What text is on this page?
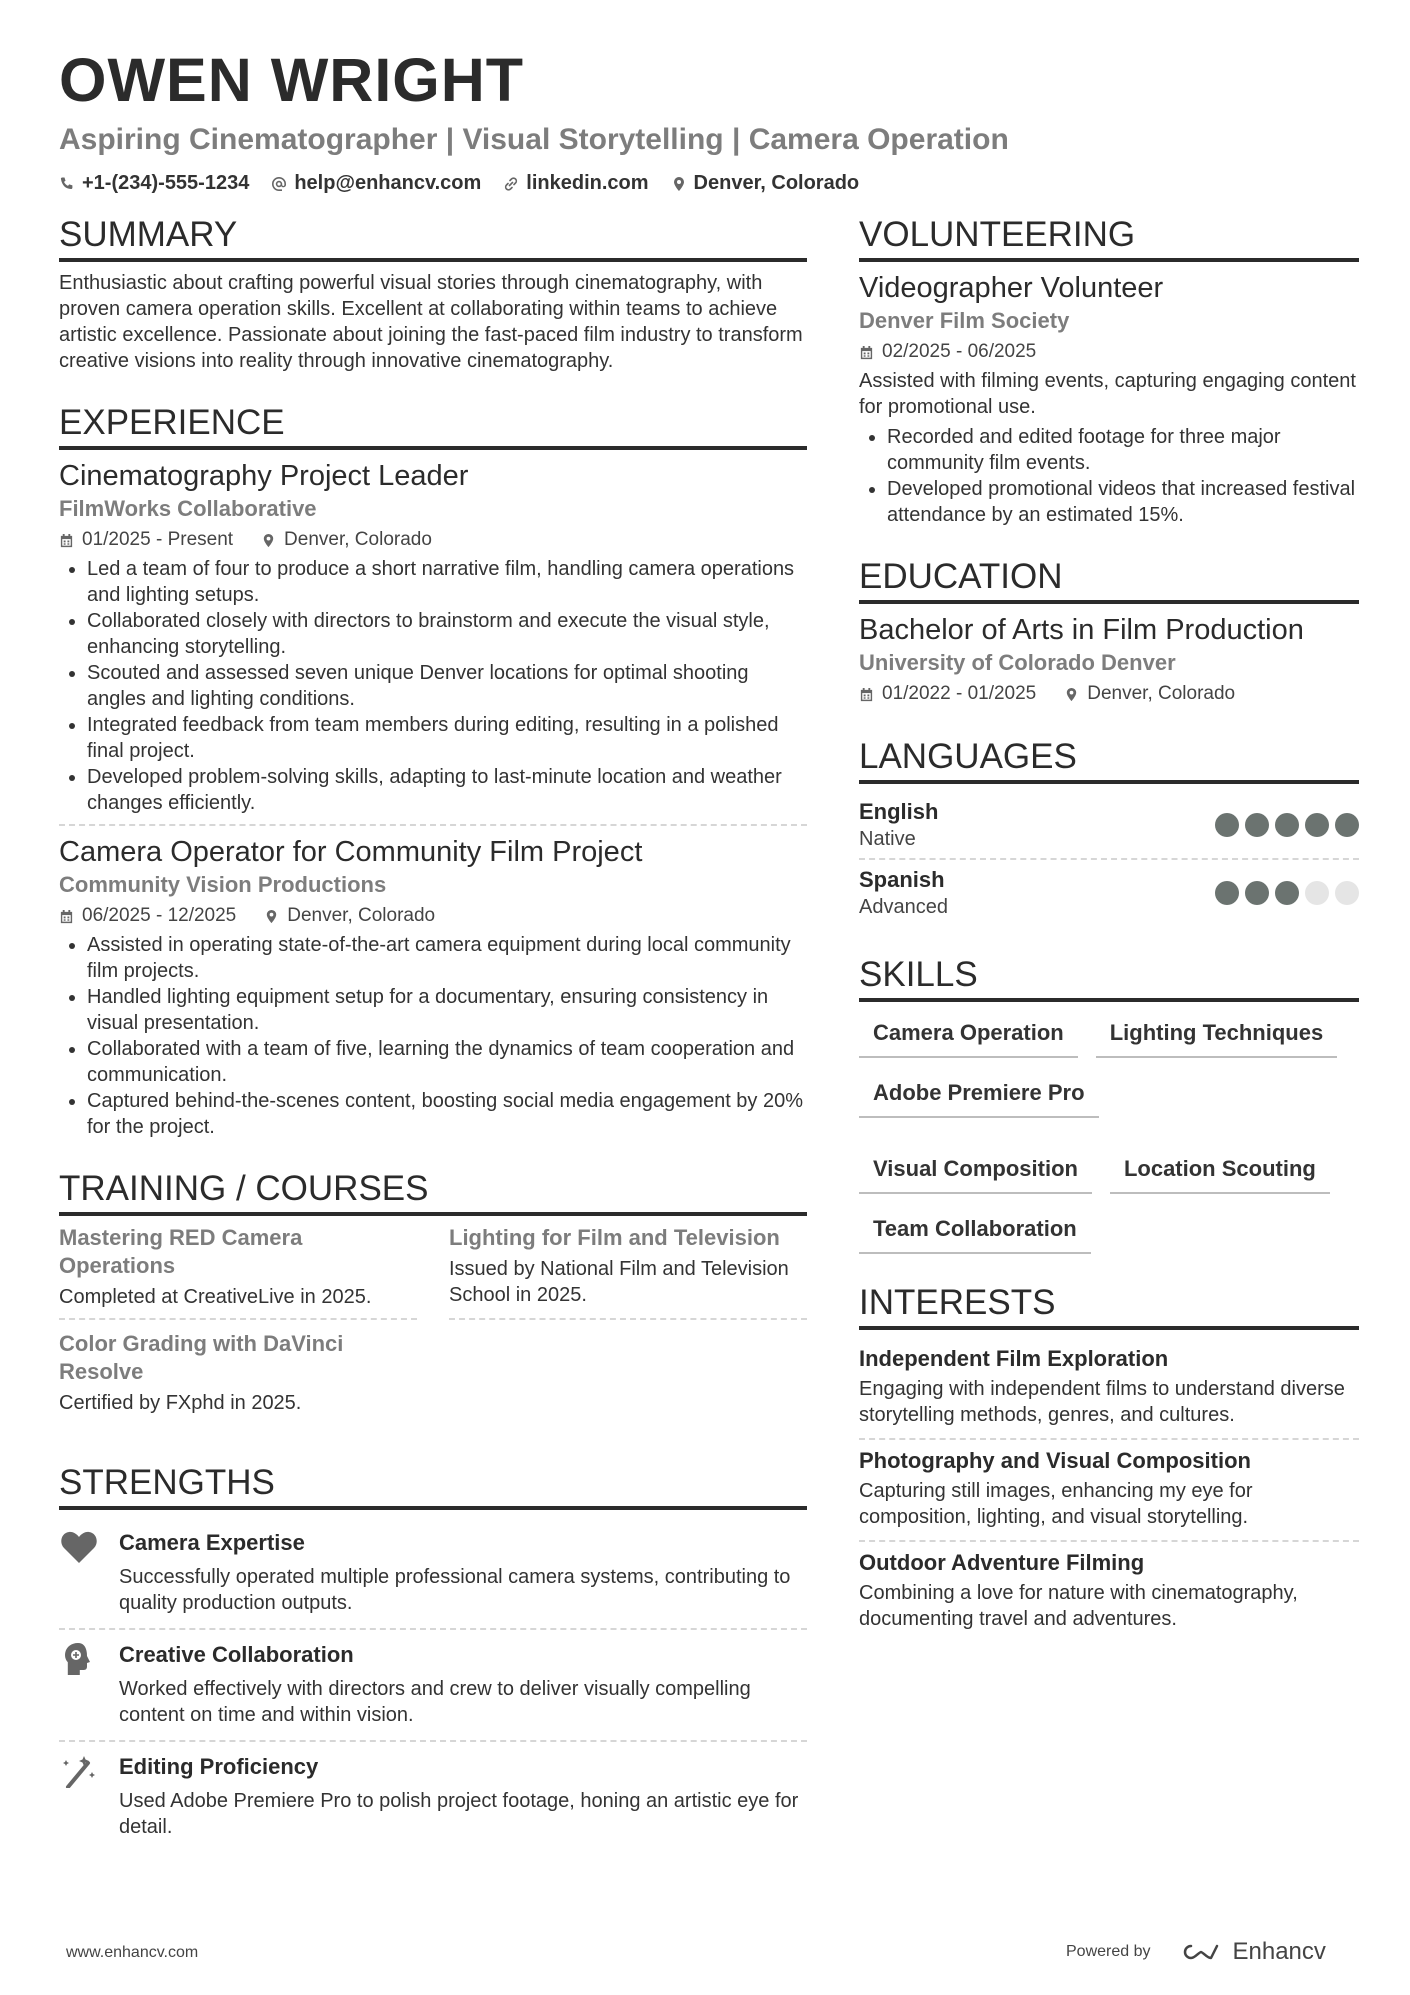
OWEN WRIGHT
Aspiring Cinematographer | Visual Storytelling | Camera Operation
+1-(234)-555-1234 help@enhancv.com linkedin.com Denver, Colorado
SUMMARY
Enthusiastic about crafting powerful visual stories through cinematography, with proven camera operation skills. Excellent at collaborating within teams to achieve artistic excellence. Passionate about joining the fast-paced film industry to transform creative visions into reality through innovative cinematography.
EXPERIENCE
Cinematography Project Leader
FilmWorks Collaborative
01/2025 - Present	Denver, Colorado
• Led a team of four to produce a short narrative film, handling camera operations and lighting setups.
• Collaborated closely with directors to brainstorm and execute the visual style, enhancing storytelling.
• Scouted and assessed seven unique Denver locations for optimal shooting angles and lighting conditions.
• Integrated feedback from team members during editing, resulting in a polished final project.
• Developed problem-solving skills, adapting to last-minute location and weather changes efficiently.
Camera Operator for Community Film Project
Community Vision Productions
06/2025 - 12/2025	Denver, Colorado
• Assisted in operating state-of-the-art camera equipment during local community film projects.
• Handled lighting equipment setup for a documentary, ensuring consistency in visual presentation.
• Collaborated with a team of five, learning the dynamics of team cooperation and communication.
• Captured behind-the-scenes content, boosting social media engagement by 20% for the project.
TRAINING / COURSES
Mastering RED Camera Operations
Completed at CreativeLive in 2025.
Lighting for Film and Television
Issued by National Film and Television School in 2025.
Color Grading with DaVinci Resolve
Certified by FXphd in 2025.
STRENGTHS
Camera Expertise
Successfully operated multiple professional camera systems, contributing to quality production outputs.
Creative Collaboration
Worked effectively with directors and crew to deliver visually compelling content on time and within vision.
Editing Proficiency
Used Adobe Premiere Pro to polish project footage, honing an artistic eye for detail.
VOLUNTEERING
Videographer Volunteer
Denver Film Society
02/2025 - 06/2025
Assisted with filming events, capturing engaging content for promotional use.
• Recorded and edited footage for three major community film events.
• Developed promotional videos that increased festival attendance by an estimated 15%.
EDUCATION
Bachelor of Arts in Film Production
University of Colorado Denver
01/2022 - 01/2025	Denver, Colorado
LANGUAGES
English
Native
Spanish
Advanced
SKILLS
Camera Operation	Lighting Techniques
Adobe Premiere Pro
Visual Composition	Location Scouting
Team Collaboration
INTERESTS
Independent Film Exploration
Engaging with independent films to understand diverse storytelling methods, genres, and cultures.
Photography and Visual Composition
Capturing still images, enhancing my eye for composition, lighting, and visual storytelling.
Outdoor Adventure Filming
Combining a love for nature with cinematography, documenting travel and adventures.
www.enhancv.com	Powered by	Enhancv
